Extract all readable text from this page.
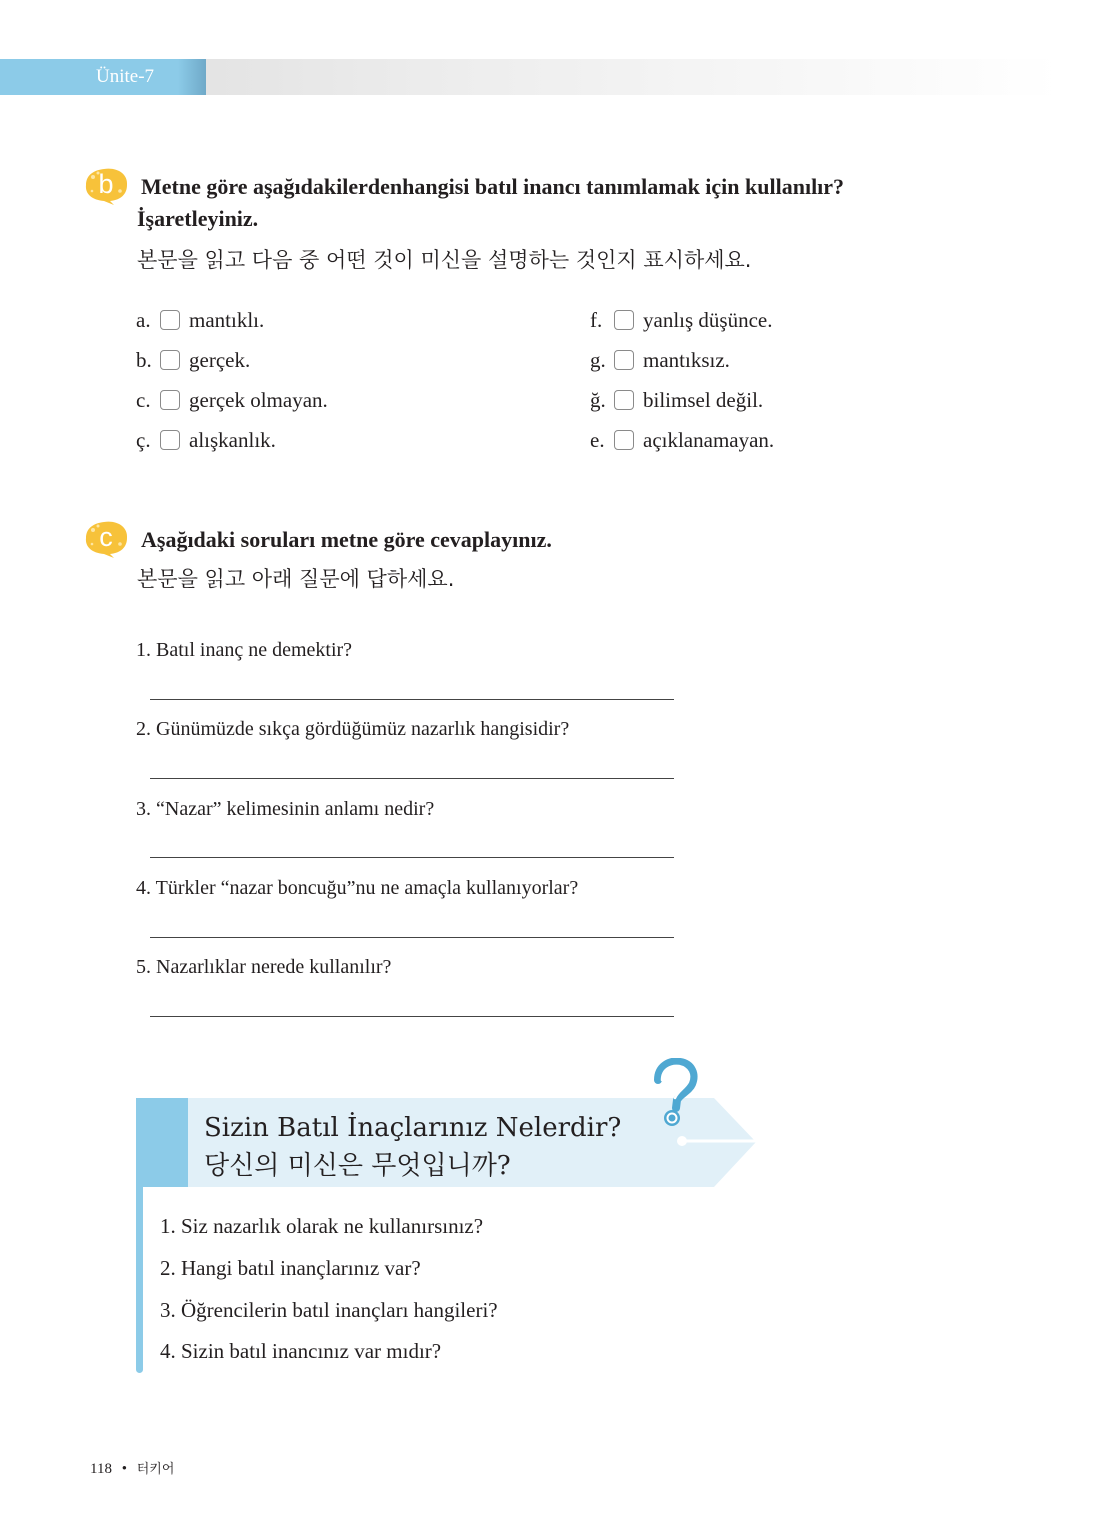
Ünite-7
b	Metne göre aşağıdakilerdenhangisi batıl inancı tanımlamak için kullanılır?
İşaretleyiniz.
본문을 읽고 다음 중 어떤 것이 미신을 설명하는 것인지 표시하세요.
a.	mantıklı.
b.	gerçek.
c.	gerçek olmayan.
ç.	alışkanlık.
f.	yanlış düşünce.
g.	mantıksız.
ğ.	bilimsel değil.
e.	açıklanamayan.
c	Aşağıdaki soruları metne göre cevaplayınız.
본문을 읽고 아래 질문에 답하세요.
1. Batıl inanç ne demektir?
2. Günümüzde sıkça gördüğümüz nazarlık hangisidir?
3. “Nazar” kelimesinin anlamı nedir?
4. Türkler “nazar boncuğu”nu ne amaçla kullanıyorlar?
5. Nazarlıklar nerede kullanılır?
Sizin Batıl İnaçlarınız Nelerdir?
당신의 미신은 무엇입니까?
1. Siz nazarlık olarak ne kullanırsınız?
2. Hangi batıl inançlarınız var?
3. Öğrencilerin batıl inançları hangileri?
4. Sizin batıl inancınız var mıdır?
118 • 터키어
